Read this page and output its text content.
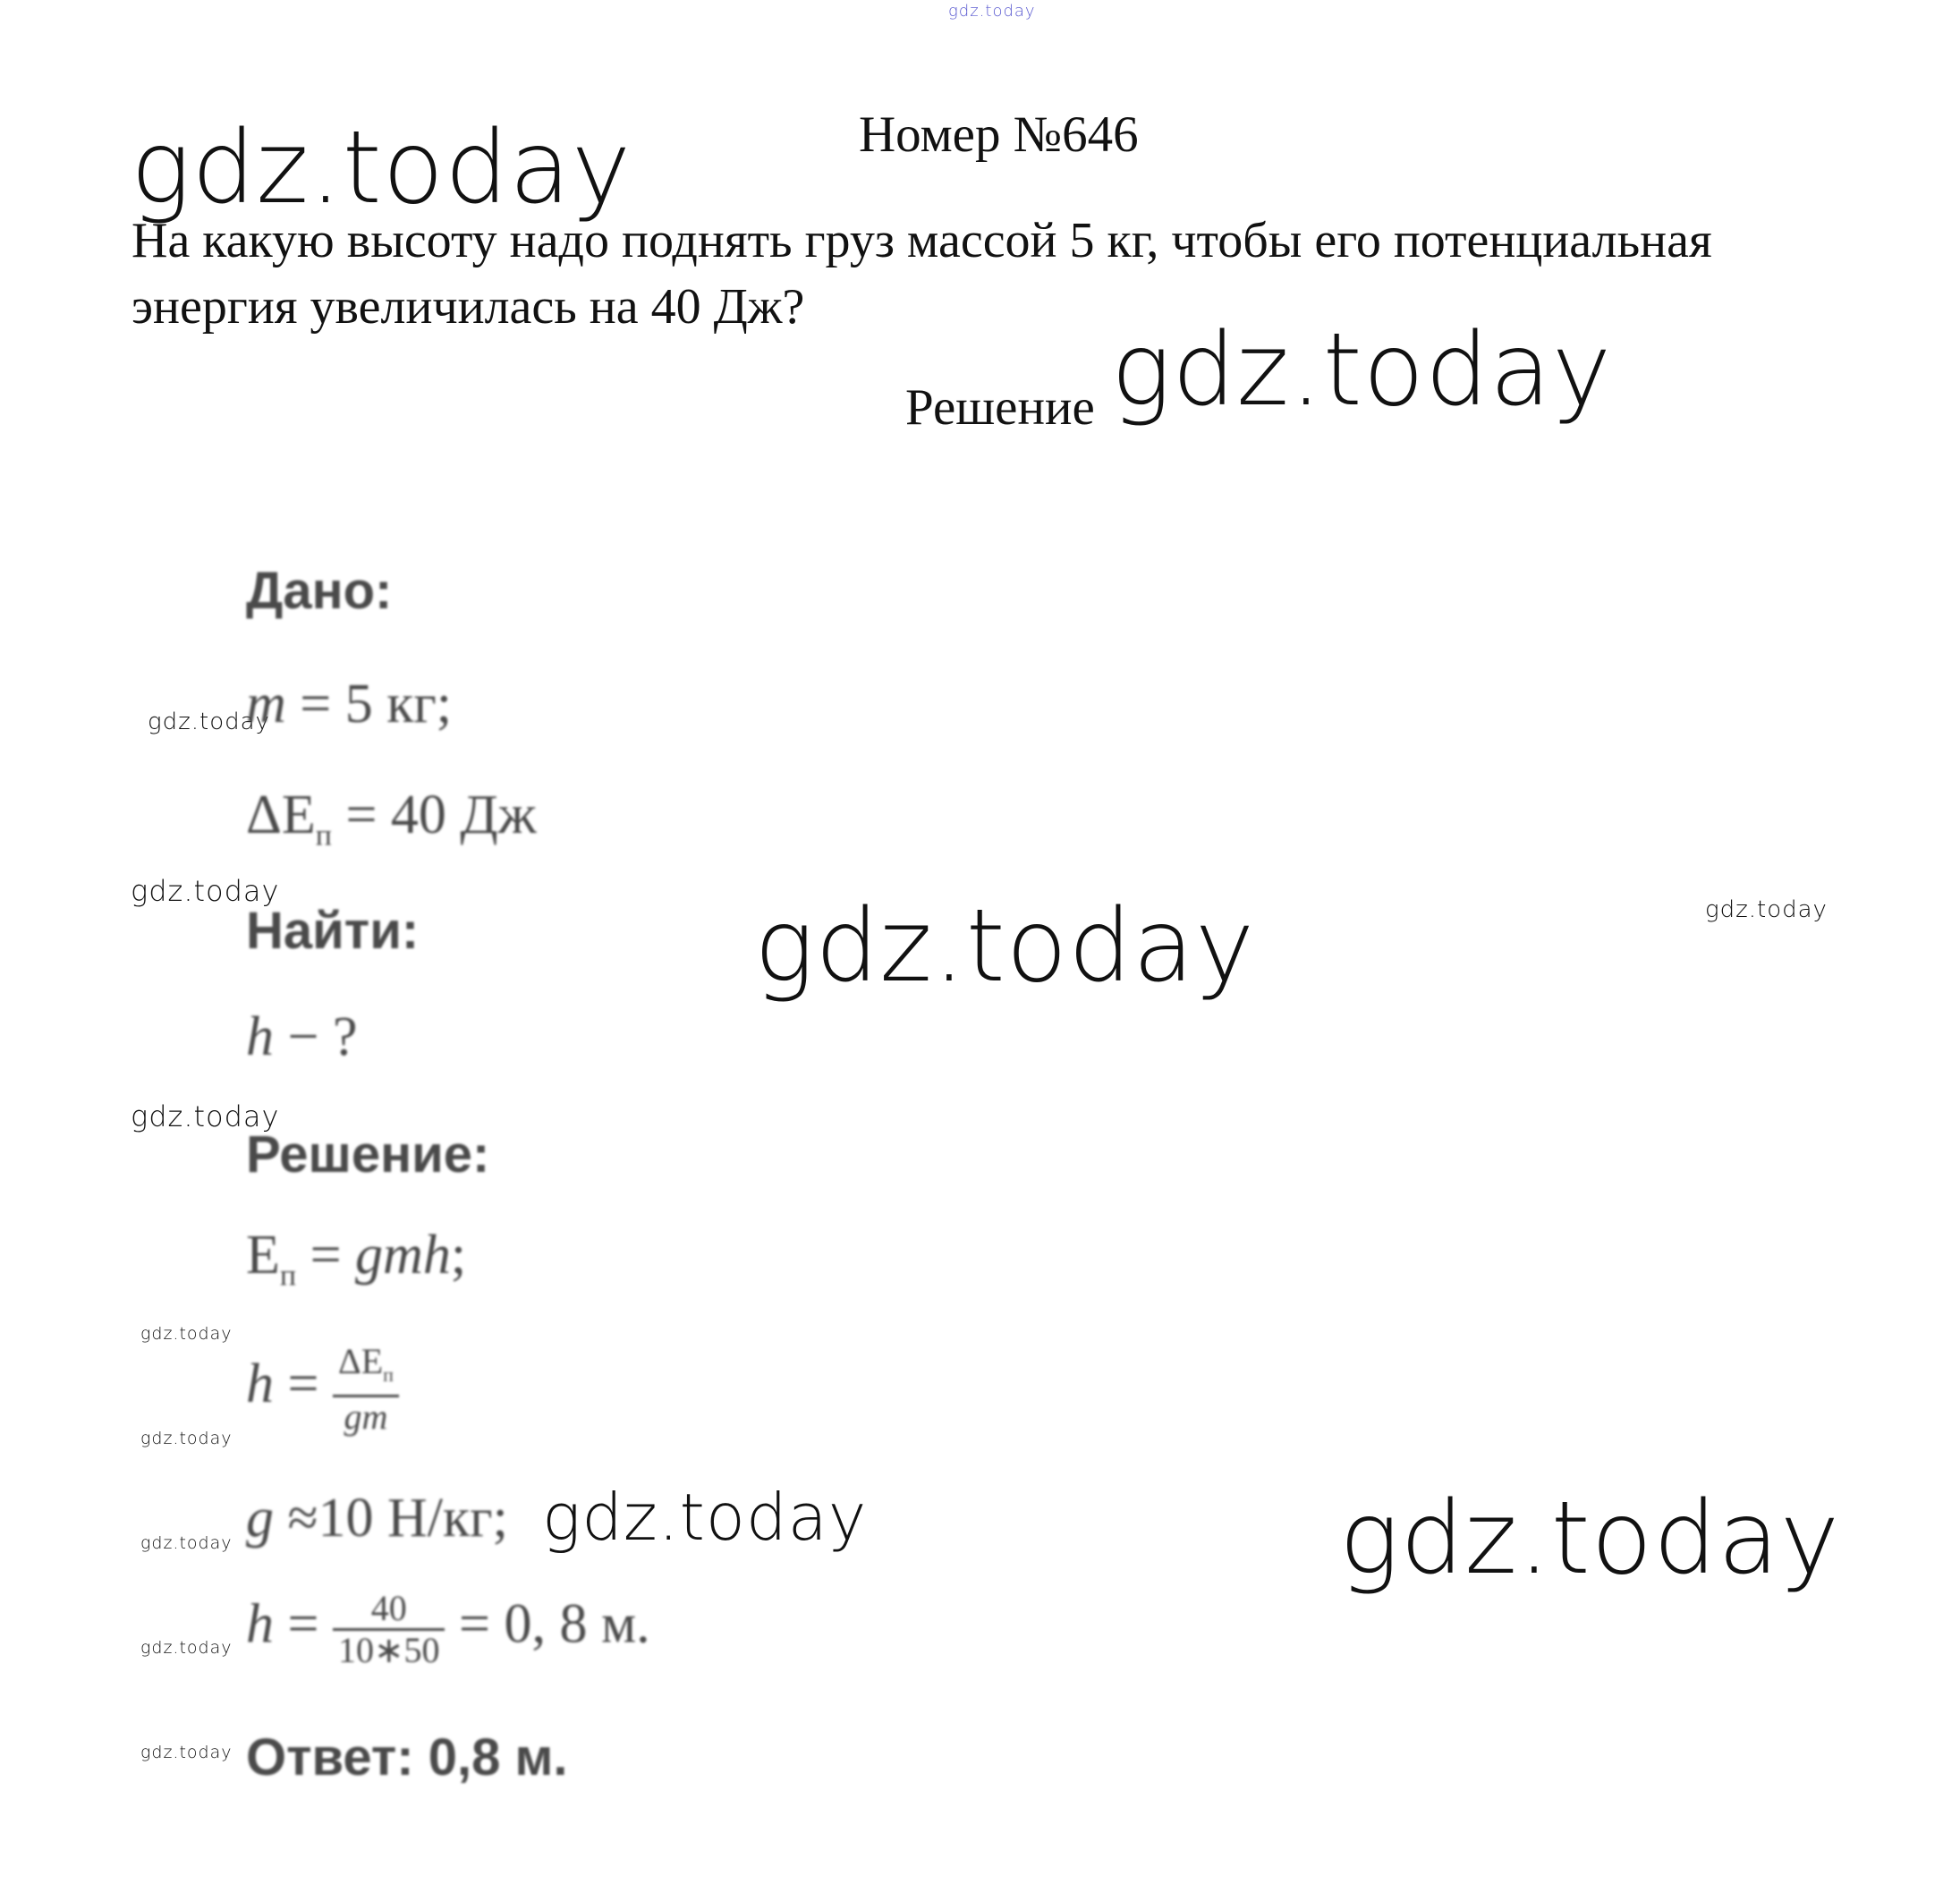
gdz.today
gdz.today
gdz.today
gdz.today
gdz.today	gdz.today	gdz.today
gdz.today
gdz.today
gdz.today
gdz.today	gdz.today
gdz.today
gdz.today
gdz.today
Номер №646
На какую высоту надо поднять груз массой 5 кг, чтобы его потенциальная энергия увеличилась на 40 Дж?
Решение
Дано:
m = 5 кг;
$\Delta E_п = 40$ Дж
Найти:
h − ?
Решение:
$E_п$ = gmh;
$h = \frac{\Delta E_п}{gm}$
g ≈10 Н/кг;
$h = \frac{40}{10∗50} = 0$, 8 м.
Ответ: 0,8 м.
